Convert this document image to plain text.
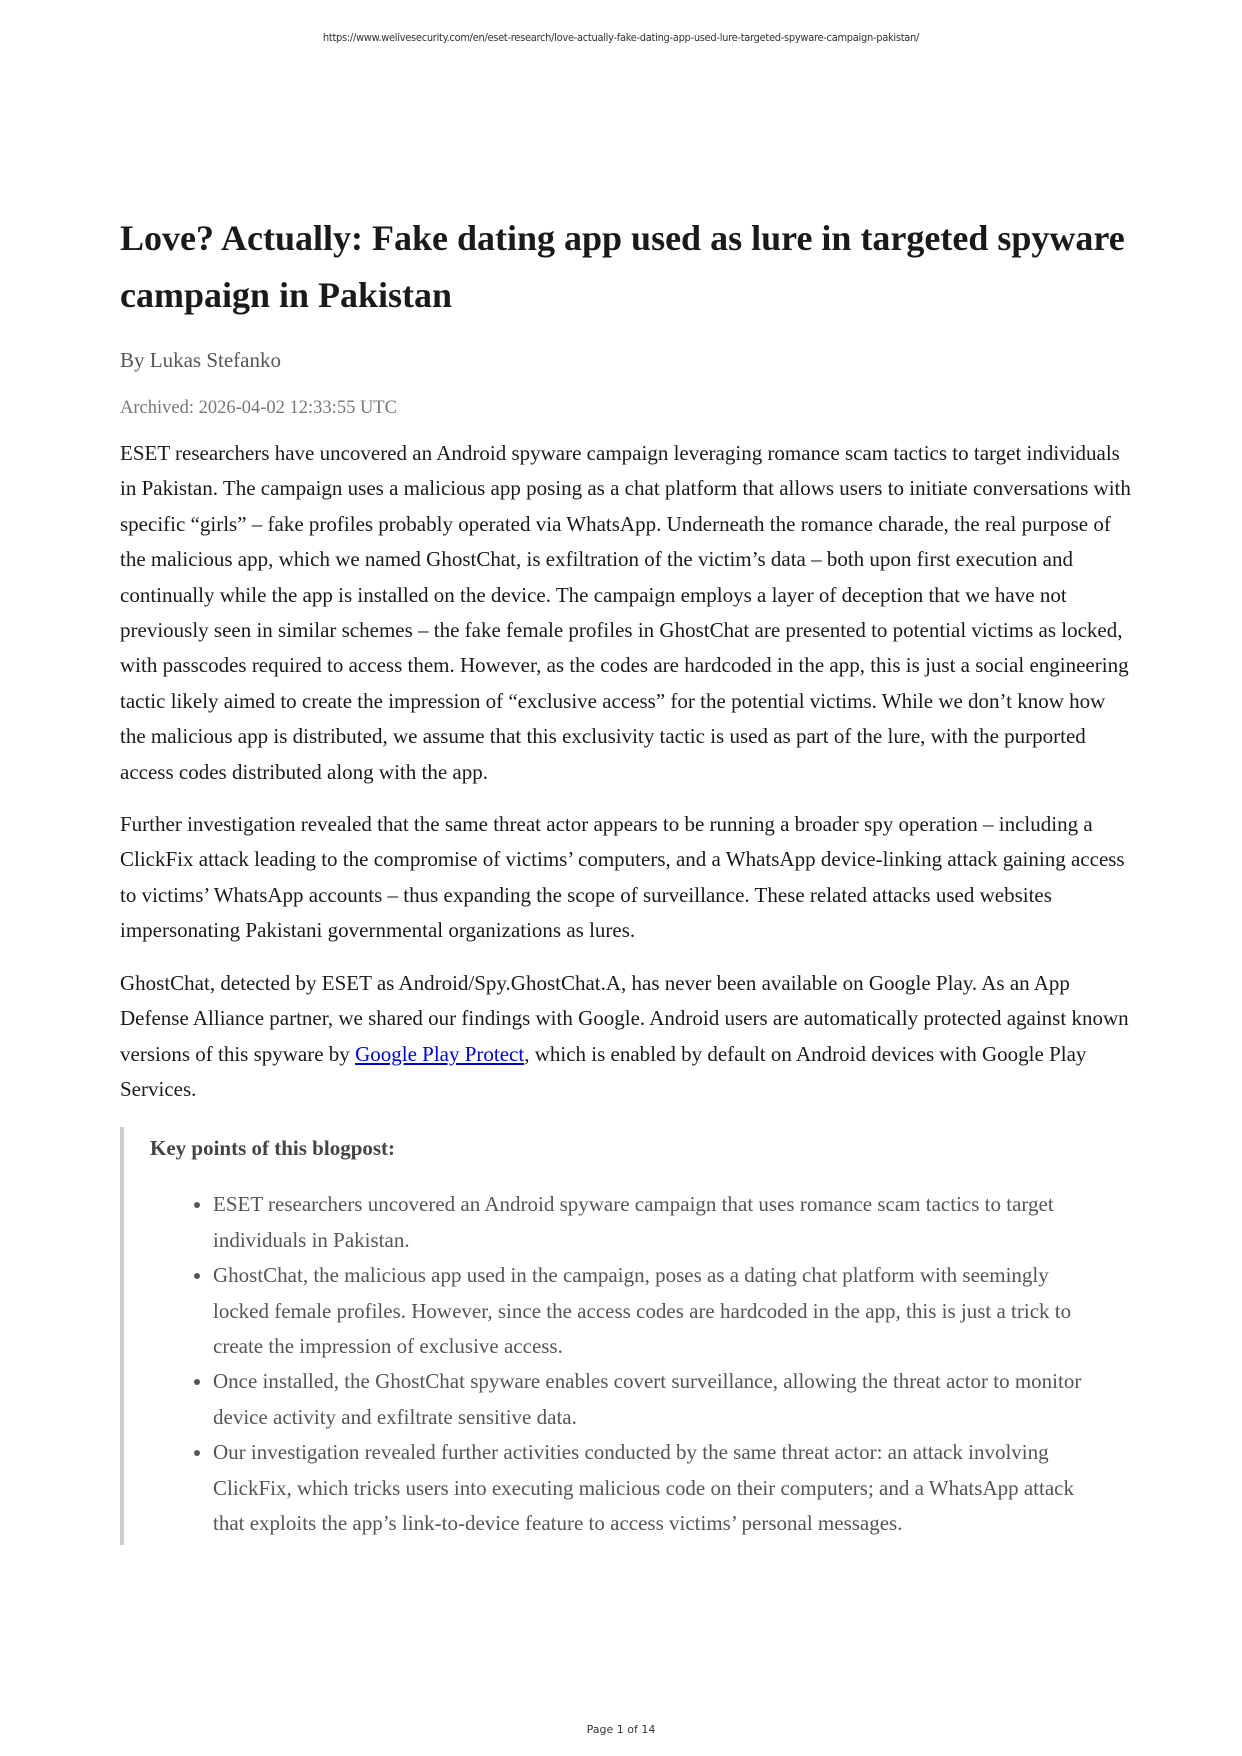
https://www.welivesecurity.com/en/eset-research/love-actually-fake-dating-app-used-lure-targeted-spyware-campaign-pakistan/
Love? Actually: Fake dating app used as lure in targeted spyware campaign in Pakistan
By Lukas Stefanko
Archived: 2026-04-02 12:33:55 UTC

ESET researchers have uncovered an Android spyware campaign leveraging romance scam tactics to target individuals in Pakistan. The campaign uses a malicious app posing as a chat platform that allows users to initiate conversations with specific “girls” – fake profiles probably operated via WhatsApp. Underneath the romance charade, the real purpose of the malicious app, which we named GhostChat, is exfiltration of the victim’s data – both upon first execution and continually while the app is installed on the device. The campaign employs a layer of deception that we have not previously seen in similar schemes – the fake female profiles in GhostChat are presented to potential victims as locked, with passcodes required to access them. However, as the codes are hardcoded in the app, this is just a social engineering tactic likely aimed to create the impression of “exclusive access” for the potential victims. While we don’t know how the malicious app is distributed, we assume that this exclusivity tactic is used as part of the lure, with the purported access codes distributed along with the app.

Further investigation revealed that the same threat actor appears to be running a broader spy operation – including a ClickFix attack leading to the compromise of victims’ computers, and a WhatsApp device-linking attack gaining access to victims’ WhatsApp accounts – thus expanding the scope of surveillance. These related attacks used websites impersonating Pakistani governmental organizations as lures.

GhostChat, detected by ESET as Android/Spy.GhostChat.A, has never been available on Google Play. As an App Defense Alliance partner, we shared our findings with Google. Android users are automatically protected against known versions of this spyware by Google Play Protect, which is enabled by default on Android devices with Google Play Services.

Key points of this blogpost:
• ESET researchers uncovered an Android spyware campaign that uses romance scam tactics to target individuals in Pakistan.
• GhostChat, the malicious app used in the campaign, poses as a dating chat platform with seemingly locked female profiles. However, since the access codes are hardcoded in the app, this is just a trick to create the impression of exclusive access.
• Once installed, the GhostChat spyware enables covert surveillance, allowing the threat actor to monitor device activity and exfiltrate sensitive data.
• Our investigation revealed further activities conducted by the same threat actor: an attack involving ClickFix, which tricks users into executing malicious code on their computers; and a WhatsApp attack that exploits the app’s link-to-device feature to access victims’ personal messages.
Page 1 of 14
